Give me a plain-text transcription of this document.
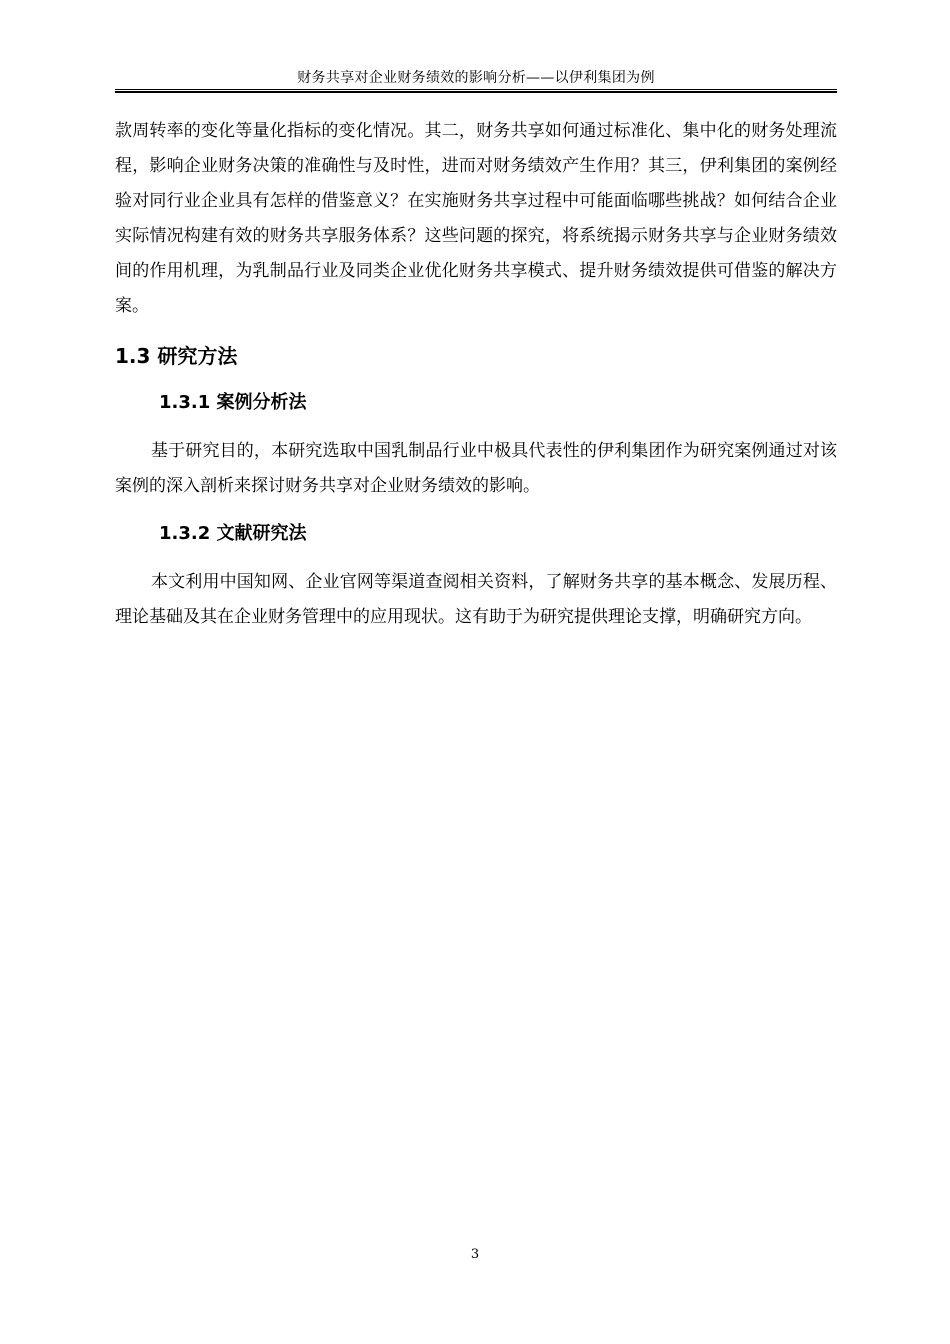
财务共享对企业财务绩效的影响分析——以伊利集团为例

款周转率的变化等量化指标的变化情况。其二，财务共享如何通过标准化、集中化的财务处理流程，影响企业财务决策的准确性与及时性，进而对财务绩效产生作用？其三，伊利集团的案例经验对同行业企业具有怎样的借鉴意义？在实施财务共享过程中可能面临哪些挑战？如何结合企业实际情况构建有效的财务共享服务体系？这些问题的探究，将系统揭示财务共享与企业财务绩效间的作用机理，为乳制品行业及同类企业优化财务共享模式、提升财务绩效提供可借鉴的解决方案。

1.3 研究方法
1.3.1 案例分析法

基于研究目的，本研究选取中国乳制品行业中极具代表性的伊利集团作为研究案例通过对该案例的深入剖析来探讨财务共享对企业财务绩效的影响。

1.3.2 文献研究法

本文利用中国知网、企业官网等渠道查阅相关资料，了解财务共享的基本概念、发展历程、理论基础及其在企业财务管理中的应用现状。这有助于为研究提供理论支撑，明确研究方向。

3
